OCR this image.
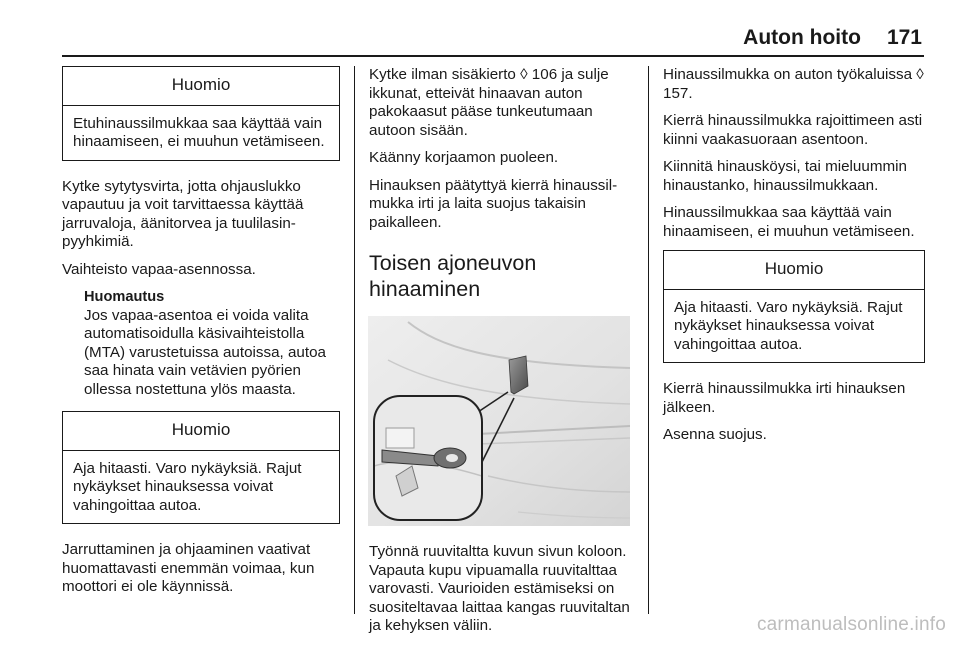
Auton hoito 171
Huomio
Etuhinaussilmukkaa saa käyttää vain hinaamiseen, ei muuhun vetämiseen.

Kytke sytytysvirta, jotta ohjauslukko vapautuu ja voit tarvittaessa käyttää jarruvaloja, äänitorvea ja tuulilasinpyyhkimiä.

Vaihteisto vapaa-asennossa.

Huomautus
Jos vapaa-asentoa ei voida valita automatisoidulla käsivaihteistolla (MTA) varustetuissa autoissa, autoa saa hinata vain vetävien pyörien ollessa nostettuna ylös maasta.
Huomio
Aja hitaasti. Varo nykäyksiä. Rajut nykäykset hinauksessa voivat vahingoittaa autoa.

Jarruttaminen ja ohjaaminen vaativat huomattavasti enemmän voimaa, kun moottori ei ole käynnissä.

Kytke ilman sisäkierto ◊ 106 ja sulje ikkunat, etteivät hinaavan auton pakokaasut pääse tunkeutumaan autoon sisään.

Käänny korjaamon puoleen.

Hinauksen päätyttyä kierrä hinaussilmukka irti ja laita suojus takaisin paikalleen.

Toisen ajoneuvon hinaaminen

Työnnä ruuvitaltta kuvun sivun koloon. Vapauta kupu vipuamalla ruuvitalttaa varovasti. Vaurioiden estämiseksi on suositeltavaa laittaa kangas ruuvitaltan ja kehyksen väliin.

Hinaussilmukka on auton työkaluissa ◊ 157.

Kierrä hinaussilmukka rajoittimeen asti kiinni vaakasuoraan asentoon.

Kiinnitä hinausköysi, tai mieluummin hinaustanko, hinaussilmukkaan.

Hinaussilmukkaa saa käyttää vain hinaamiseen, ei muuhun vetämiseen.

Huomio
Aja hitaasti. Varo nykäyksiä. Rajut nykäykset hinauksessa voivat vahingoittaa autoa.

Kierrä hinaussilmukka irti hinauksen jälkeen.

Asenna suojus.

carmanualsonline.info
